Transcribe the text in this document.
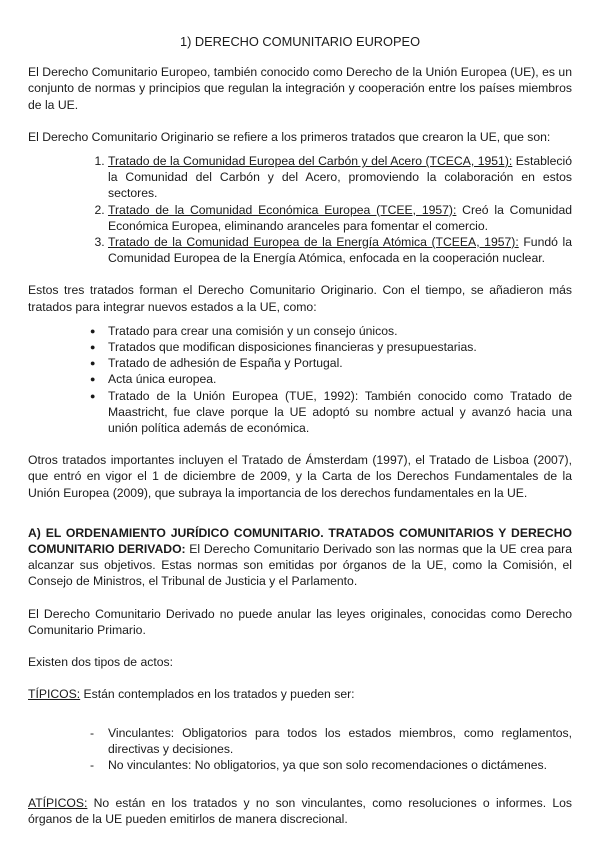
1) DERECHO COMUNITARIO EUROPEO

El Derecho Comunitario Europeo, también conocido como Derecho de la Unión Europea (UE), es un conjunto de normas y principios que regulan la integración y cooperación entre los países miembros de la UE.

El Derecho Comunitario Originario se refiere a los primeros tratados que crearon la UE, que son:

1. Tratado de la Comunidad Europea del Carbón y del Acero (TCECA, 1951): Estableció la Comunidad del Carbón y del Acero, promoviendo la colaboración en estos sectores.
2. Tratado de la Comunidad Económica Europea (TCEE, 1957): Creó la Comunidad Económica Europea, eliminando aranceles para fomentar el comercio.
3. Tratado de la Comunidad Europea de la Energía Atómica (TCEEA, 1957): Fundó la Comunidad Europea de la Energía Atómica, enfocada en la cooperación nuclear.

Estos tres tratados forman el Derecho Comunitario Originario. Con el tiempo, se añadieron más tratados para integrar nuevos estados a la UE, como:

● Tratado para crear una comisión y un consejo únicos.
● Tratados que modifican disposiciones financieras y presupuestarias.
● Tratado de adhesión de España y Portugal.
● Acta única europea.
● Tratado de la Unión Europea (TUE, 1992): También conocido como Tratado de Maastricht, fue clave porque la UE adoptó su nombre actual y avanzó hacia una unión política además de económica.

Otros tratados importantes incluyen el Tratado de Ámsterdam (1997), el Tratado de Lisboa (2007), que entró en vigor el 1 de diciembre de 2009, y la Carta de los Derechos Fundamentales de la Unión Europea (2009), que subraya la importancia de los derechos fundamentales en la UE.

A) EL ORDENAMIENTO JURÍDICO COMUNITARIO. TRATADOS COMUNITARIOS Y DERECHO COMUNITARIO DERIVADO: El Derecho Comunitario Derivado son las normas que la UE crea para alcanzar sus objetivos. Estas normas son emitidas por órganos de la UE, como la Comisión, el Consejo de Ministros, el Tribunal de Justicia y el Parlamento.

El Derecho Comunitario Derivado no puede anular las leyes originales, conocidas como Derecho Comunitario Primario.

Existen dos tipos de actos:

TÍPICOS: Están contemplados en los tratados y pueden ser:

- Vinculantes: Obligatorios para todos los estados miembros, como reglamentos, directivas y decisiones.
- No vinculantes: No obligatorios, ya que son solo recomendaciones o dictámenes.

ATÍPICOS: No están en los tratados y no son vinculantes, como resoluciones o informes. Los órganos de la UE pueden emitirlos de manera discrecional.
